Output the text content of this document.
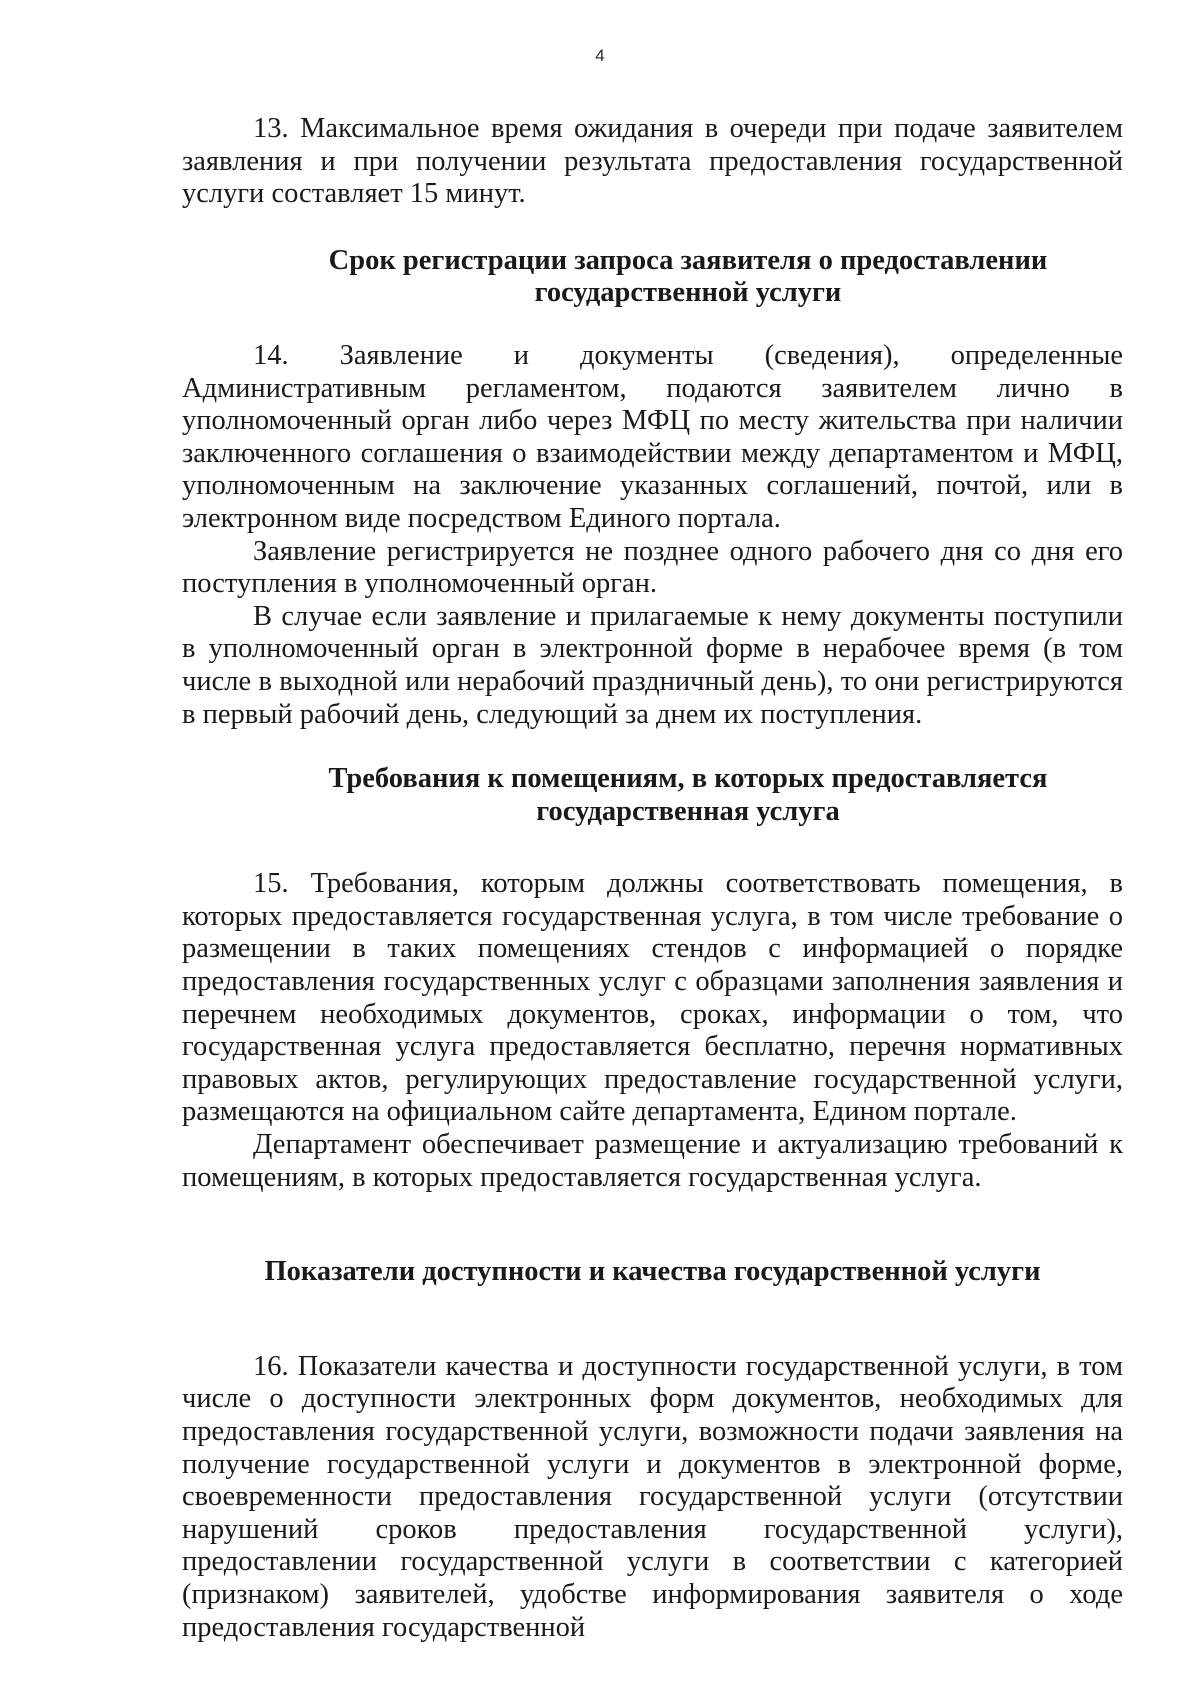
4

13. Максимальное время ожидания в очереди при подаче заявителем заявления и при получении результата предоставления государственной услуги составляет 15 минут.

Срок регистрации запроса заявителя о предоставлении
государственной услуги

14. Заявление и документы (сведения), определенные Административным регламентом, подаются заявителем лично в уполномоченный орган либо через МФЦ по месту жительства при наличии заключенного соглашения о взаимодействии между департаментом и МФЦ, уполномоченным на заключение указанных соглашений, почтой, или в электронном виде посредством Единого портала.

Заявление регистрируется не позднее одного рабочего дня со дня его поступления в уполномоченный орган.

В случае если заявление и прилагаемые к нему документы поступили в уполномоченный орган в электронной форме в нерабочее время (в том числе в выходной или нерабочий праздничный день), то они регистрируются в первый рабочий день, следующий за днем их поступления.

Требования к помещениям, в которых предоставляется
государственная услуга

15. Требования, которым должны соответствовать помещения, в которых предоставляется государственная услуга, в том числе требование о размещении в таких помещениях стендов с информацией о порядке предоставления государственных услуг с образцами заполнения заявления и перечнем необходимых документов, сроках, информации о том, что государственная услуга предоставляется бесплатно, перечня нормативных правовых актов, регулирующих предоставление государственной услуги, размещаются на официальном сайте департамента, Едином портале.

Департамент обеспечивает размещение и актуализацию требований к помещениям, в которых предоставляется государственная услуга.

Показатели доступности и качества государственной услуги

16. Показатели качества и доступности государственной услуги, в том числе о доступности электронных форм документов, необходимых для предоставления государственной услуги, возможности подачи заявления на получение государственной услуги и документов в электронной форме, своевременности предоставления государственной услуги (отсутствии нарушений сроков предоставления государственной услуги), предоставлении государственной услуги в соответствии с категорией (признаком) заявителей, удобстве информирования заявителя о ходе предоставления государственной
